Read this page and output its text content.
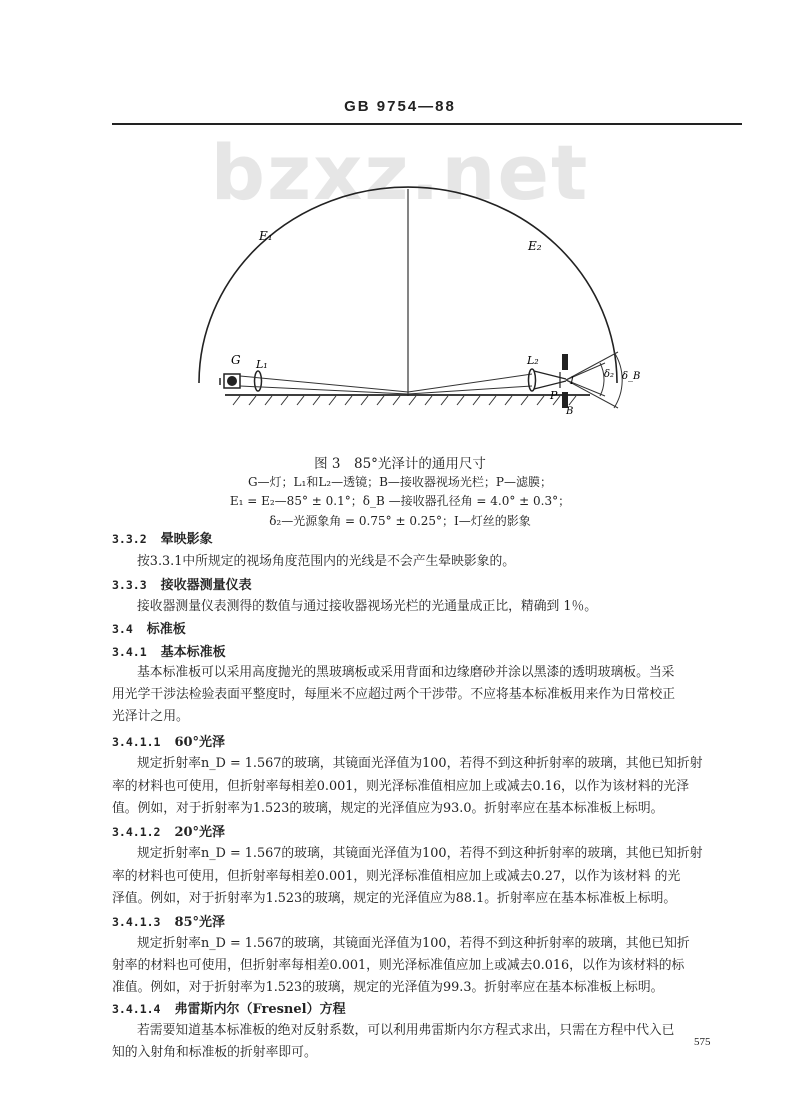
GB 9754—88
bzxz.net
E₁
E₂
G L₁	L₂
I
P
B
δ₂ δ_B
图 3　85°光泽计的通用尺寸
G—灯；L₁和L₂—透镜；B—接收器视场光栏；P—滤膜；
E₁ = E₂—85° ± 0.1°；δ_B —接收器孔径角 = 4.0° ± 0.3°；
δ₂—光源象角 = 0.75° ± 0.25°；I—灯丝的影象
3.3.2 晕映影象
按3.3.1中所规定的视场角度范围内的光线是不会产生晕映影象的。
3.3.3 接收器测量仪表
接收器测量仪表测得的数值与通过接收器视场光栏的光通量成正比，精确到 1％。
3.4 标准板
3.4.1 基本标准板
基本标准板可以采用高度抛光的黑玻璃板或采用背面和边缘磨砂并涂以黑漆的透明玻璃板。当采
用光学干涉法检验表面平整度时，每厘米不应超过两个干涉带。不应将基本标准板用来作为日常校正
光泽计之用。
3.4.1.1 60°光泽
规定折射率n_D = 1.567的玻璃，其镜面光泽值为100，若得不到这种折射率的玻璃，其他已知折射
率的材料也可使用，但折射率每相差0.001，则光泽标准值相应加上或减去0.16，以作为该材料的光泽
值。例如，对于折射率为1.523的玻璃，规定的光泽值应为93.0。折射率应在基本标准板上标明。
3.4.1.2 20°光泽
规定折射率n_D = 1.567的玻璃，其镜面光泽值为100，若得不到这种折射率的玻璃，其他已知折射
率的材料也可使用，但折射率每相差0.001，则光泽标准值相应加上或减去0.27，以作为该材料 的光
泽值。例如，对于折射率为1.523的玻璃，规定的光泽值应为88.1。折射率应在基本标准板上标明。
3.4.1.3 85°光泽
规定折射率n_D = 1.567的玻璃，其镜面光泽值为100，若得不到这种折射率的玻璃，其他已知折
射率的材料也可使用，但折射率每相差0.001，则光泽标准值应加上或减去0.016，以作为该材料的标
准值。例如，对于折射率为1.523的玻璃，规定的光泽值为99.3。折射率应在基本标准板上标明。
3.4.1.4 弗雷斯内尔（Fresnel）方程
若需要知道基本标准板的绝对反射系数，可以利用弗雷斯内尔方程式求出，只需在方程中代入已
知的入射角和标准板的折射率即可。
575
